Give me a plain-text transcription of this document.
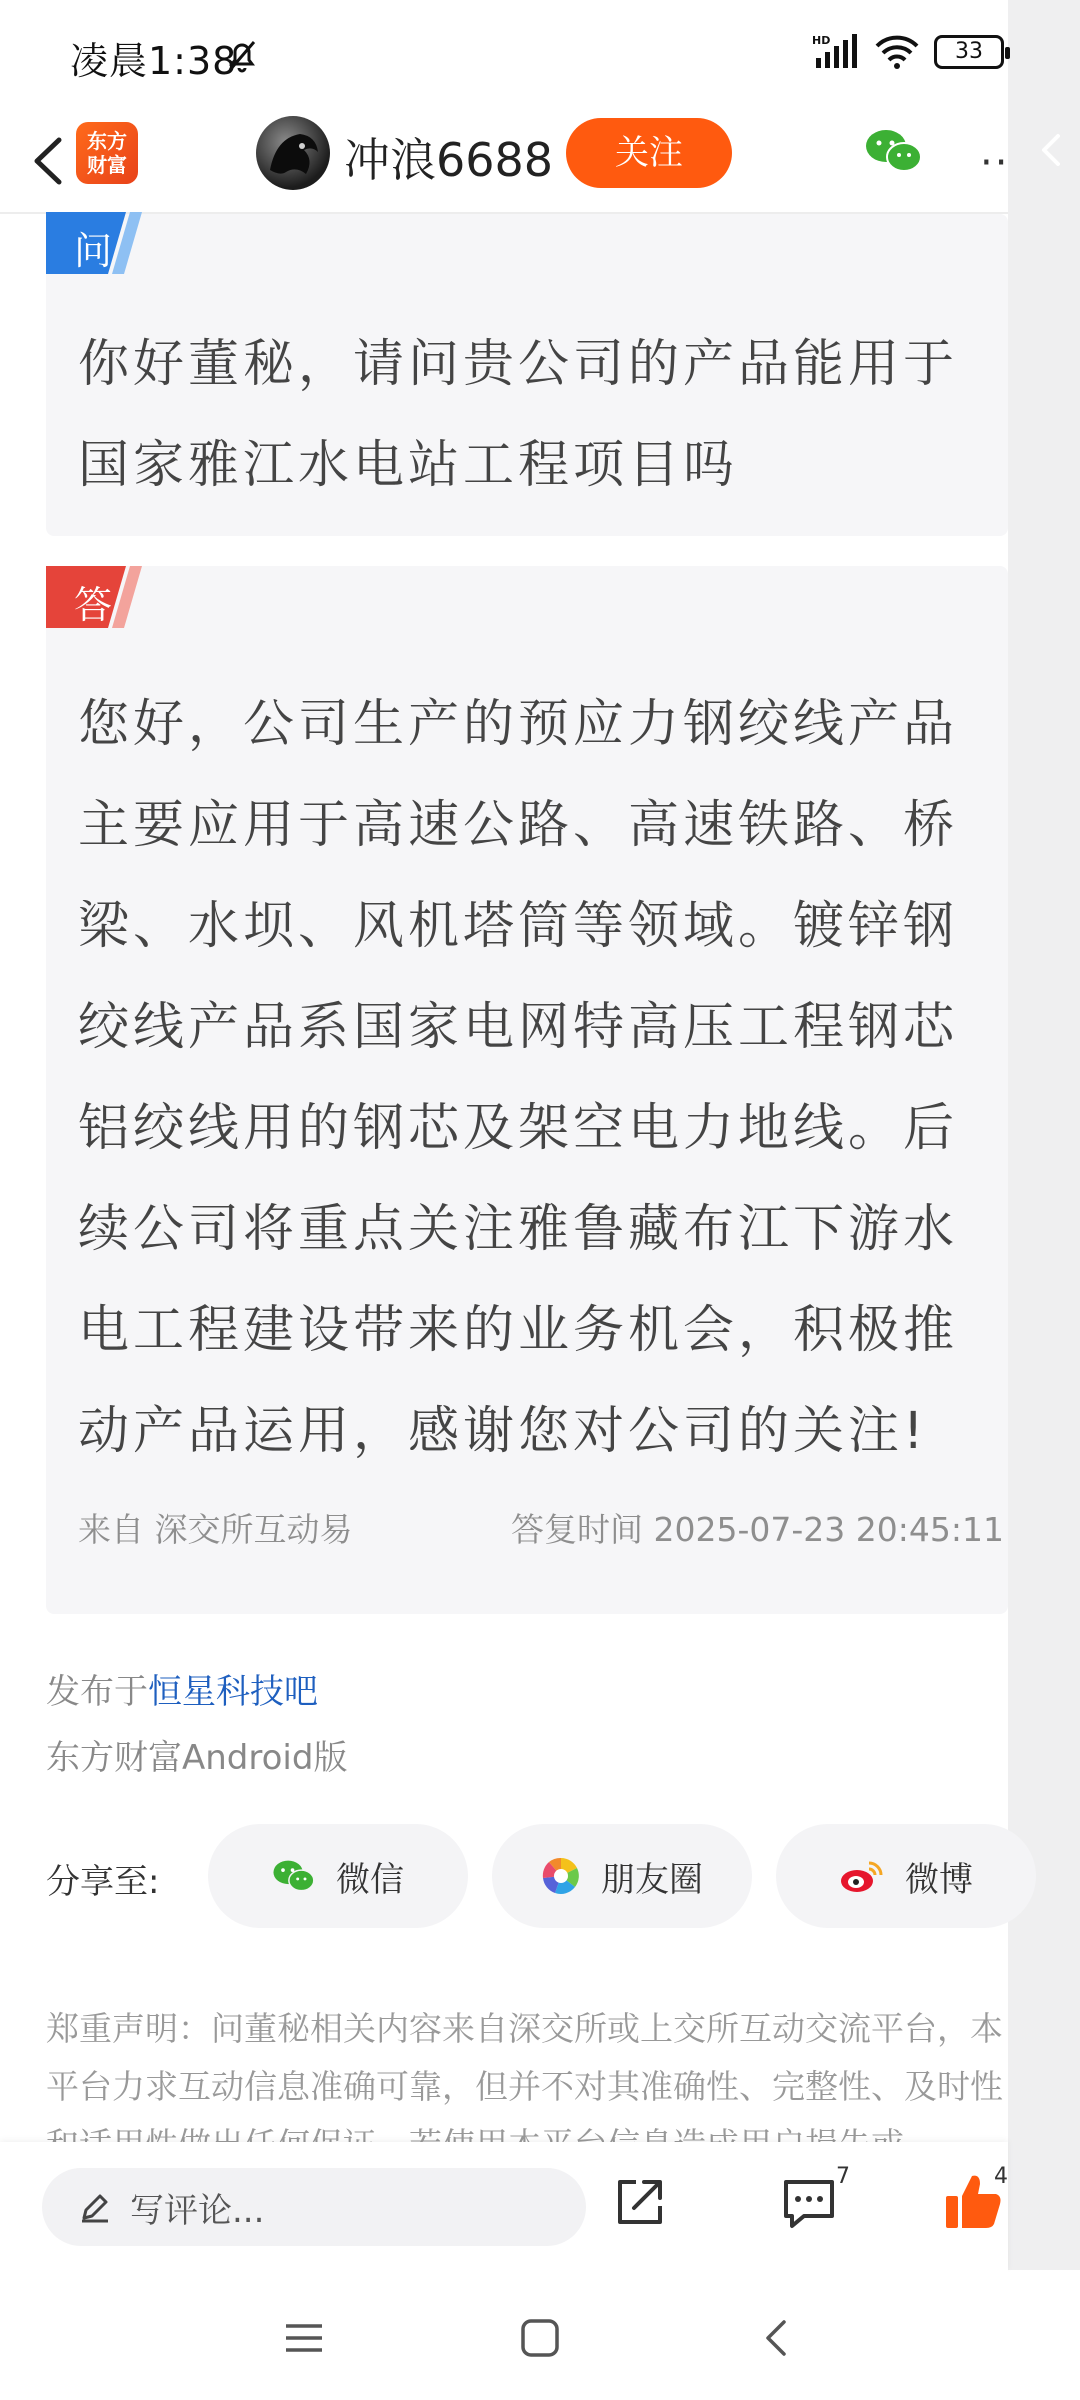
凌晨1:38	HD	33
东方财富	冲浪6688	关注	··
问
你好董秘，请问贵公司的产品能用于国家雅江水电站工程项目吗
答
您好，公司生产的预应力钢绞线产品主要应用于高速公路、高速铁路、桥梁、水坝、风机塔筒等领域。镀锌钢绞线产品系国家电网特高压工程钢芯铝绞线用的钢芯及架空电力地线。后续公司将重点关注雅鲁藏布江下游水电工程建设带来的业务机会，积极推动产品运用，感谢您对公司的关注!
来自 深交所互动易	答复时间 2025-07-23 20:45:11
发布于恒星科技吧
东方财富Android版
分享至:	微信	朋友圈	微博
郑重声明：问董秘相关内容来自深交所或上交所互动交流平台，本平台力求互动信息准确可靠，但并不对其准确性、完整性、及时性
写评论...
7	4
